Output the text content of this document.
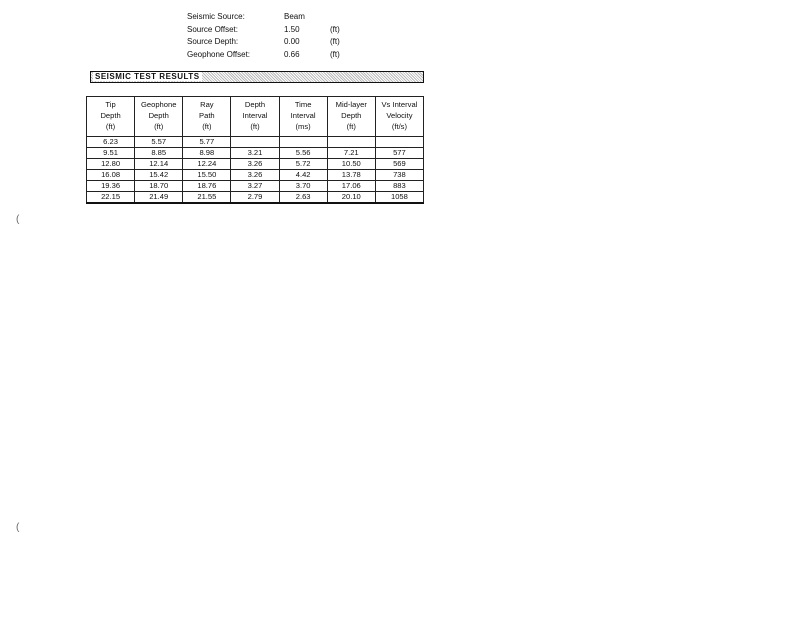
Seismic Source:	Beam
Source Offset:	1.50	(ft)
Source Depth:	0.00	(ft)
Geophone Offset:	0.66	(ft)
SEISMIC TEST RESULTS
Tip
Depth
(ft)	Geophone
Depth
(ft)	Ray
Path
(ft)	Depth
Interval
(ft)	Time
Interval
(ms)	Mid-layer
Depth
(ft)	Vs Interval
Velocity
(ft/s)
6.23	5.57	5.77				
9.51	8.85	8.98	3.21	5.56	7.21	577
12.80	12.14	12.24	3.26	5.72	10.50	569
16.08	15.42	15.50	3.26	4.42	13.78	738
19.36	18.70	18.76	3.27	3.70	17.06	883
22.15	21.49	21.55	2.79	2.63	20.10	1058
(
(
